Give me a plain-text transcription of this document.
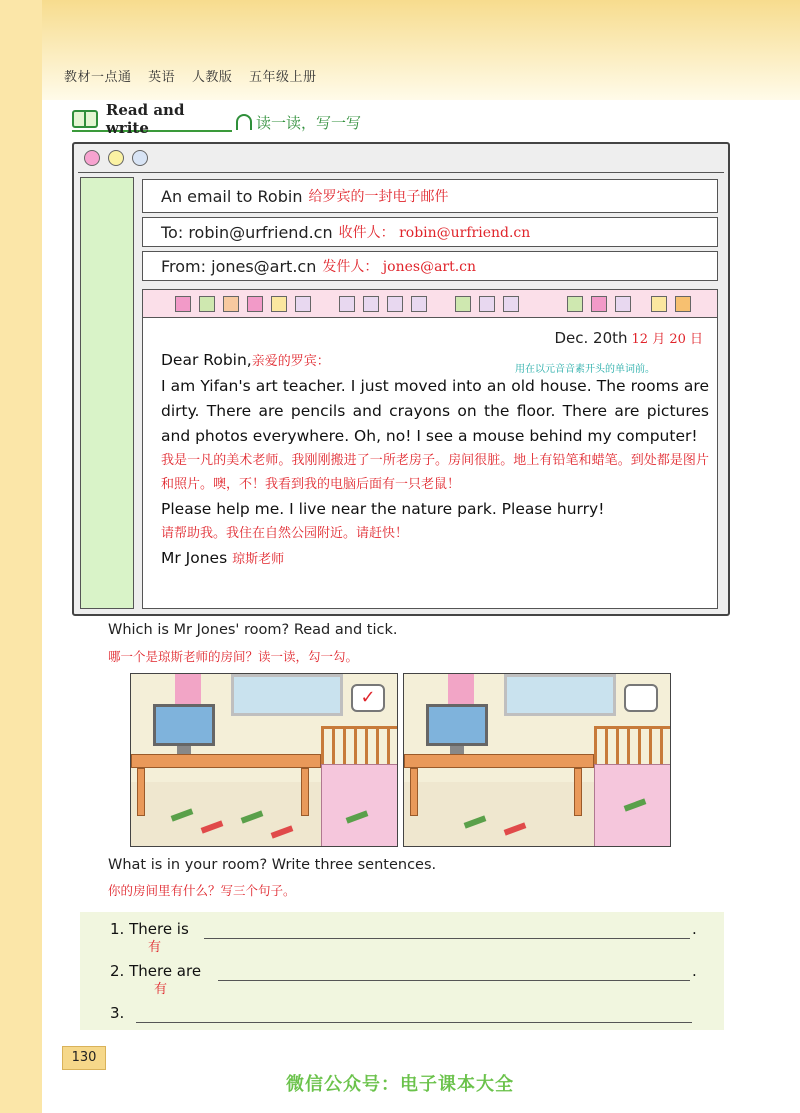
教材一点通 英语 人教版 五年级上册
Read and write	读一读，写一写
An email to Robin 给罗宾的一封电子邮件
To: robin@urfriend.cn 收件人： robin@urfriend.cn
From: jones@art.cn 发件人： jones@art.cn
Dec. 20th 12 月 20 日
用在以元音音素开头的单词前。

Dear Robin,亲爱的罗宾：

I am Yifan's art teacher. I just moved into an old house. The rooms are dirty. There are pencils and crayons on the floor. There are pictures and photos everywhere. Oh, no! I see a mouse behind my computer!

我是一凡的美术老师。我刚刚搬进了一所老房子。房间很脏。地上有铅笔和蜡笔。到处都是图片和照片。噢，不！我看到我的电脑后面有一只老鼠！

Please help me. I live near the nature park. Please hurry!

请帮助我。我住在自然公园附近。请赶快！

Mr Jones 琼斯老师

Which is Mr Jones' room? Read and tick.
哪一个是琼斯老师的房间？读一读，勾一勾。
✓
What is in your room? Write three sentences.
你的房间里有什么？写三个句子。
1. There is
有
.
2. There are
有
.
3.
130
微信公众号：电子课本大全
